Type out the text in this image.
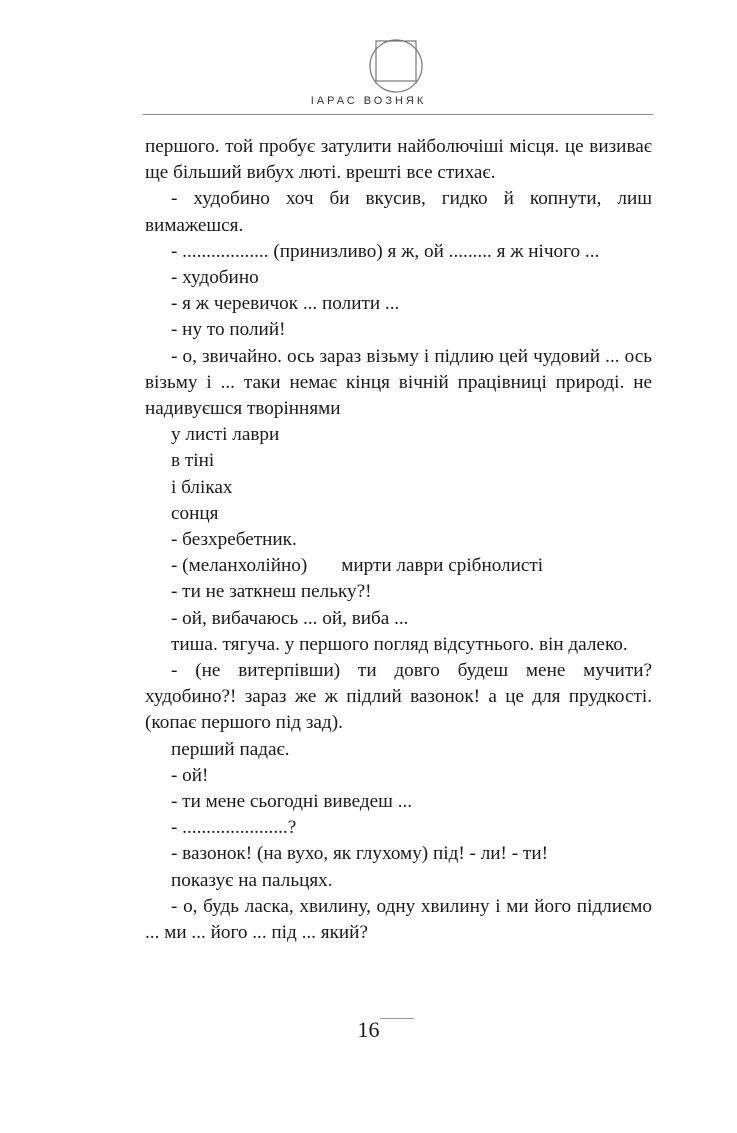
ІАРАС ВОЗНЯК

першого. той пробує затулити найболючіші місця. це визиває ще більший вибух люті. врешті все стихає.

- худобино хоч би вкусив, гидко й копнути, лиш вимажешся.

- .................. (принизливо) я ж, ой ......... я ж нічого ...

- худобино

- я ж черевичок ... полити ...

- ну то полий!

- о, звичайно. ось зараз візьму і підлию цей чудовий ... ось візьму і ... таки немає кінця вічній працівниці природі. не надивуєшся творіннями

у листі лаври

в тіні

і бліках

сонця

- безхребетник.

- (меланхолійно) мирти лаври срібнолисті

- ти не заткнеш пельку?!

- ой, вибачаюсь ... ой, виба ...

тиша. тягуча. у першого погляд відсутнього. він далеко.

- (не витерпівши) ти довго будеш мене мучити? худобино?! зараз же ж підлий вазонок! а це для прудкості. (копає першого під зад).

перший падає.

- ой!

- ти мене сьогодні виведеш ...

- ......................?

- вазонок! (на вухо, як глухому) під! - ли! - ти!

показує на пальцях.

- о, будь ласка, хвилину, одну хвилину і ми його підлиємо ... ми ... його ... під ... який?

16
